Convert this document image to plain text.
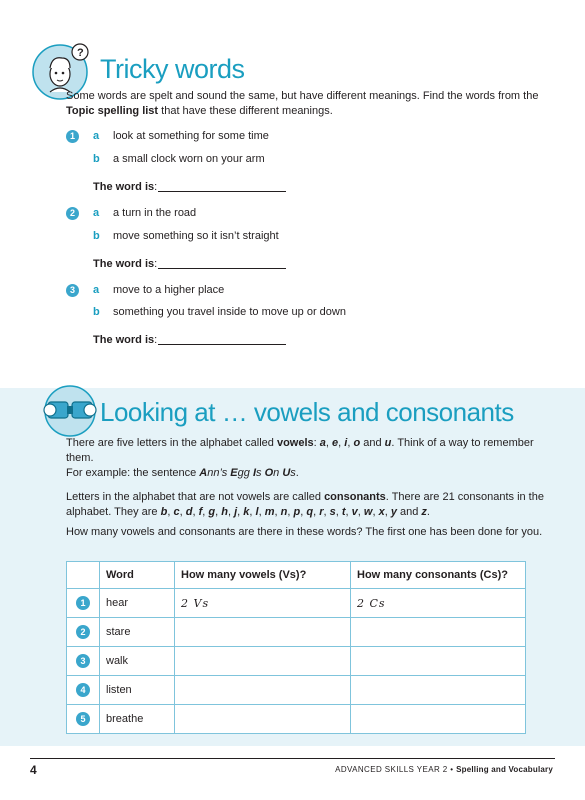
?
Tricky words
Some words are spelt and sound the same, but have different meanings. Find the words from the Topic spelling list that have these different meanings.
1	a look at something for some time
b a small clock worn on your arm
The word is:
2	a a turn in the road
b move something so it isn’t straight
The word is:
3	a move to a higher place
b something you travel inside to move up or down
The word is:
Looking at … vowels and consonants
There are five letters in the alphabet called vowels: a, e, i, o and u. Think of a way to remember them.
For example: the sentence Ann’s Egg Is On Us.
Letters in the alphabet that are not vowels are called consonants. There are 21 consonants in the alphabet. They are b, c, d, f, g, h, j, k, l, m, n, p, q, r, s, t, v, w, x, y and z.
How many vowels and consonants are there in these words? The first one has been done for you.
	Word	How many vowels (Vs)?	How many consonants (Cs)?
1	hear	2 Vs	2 Cs
2	stare		
3	walk		
4	listen		
5	breathe		
4	ADVANCED SKILLS YEAR 2 • Spelling and Vocabulary
